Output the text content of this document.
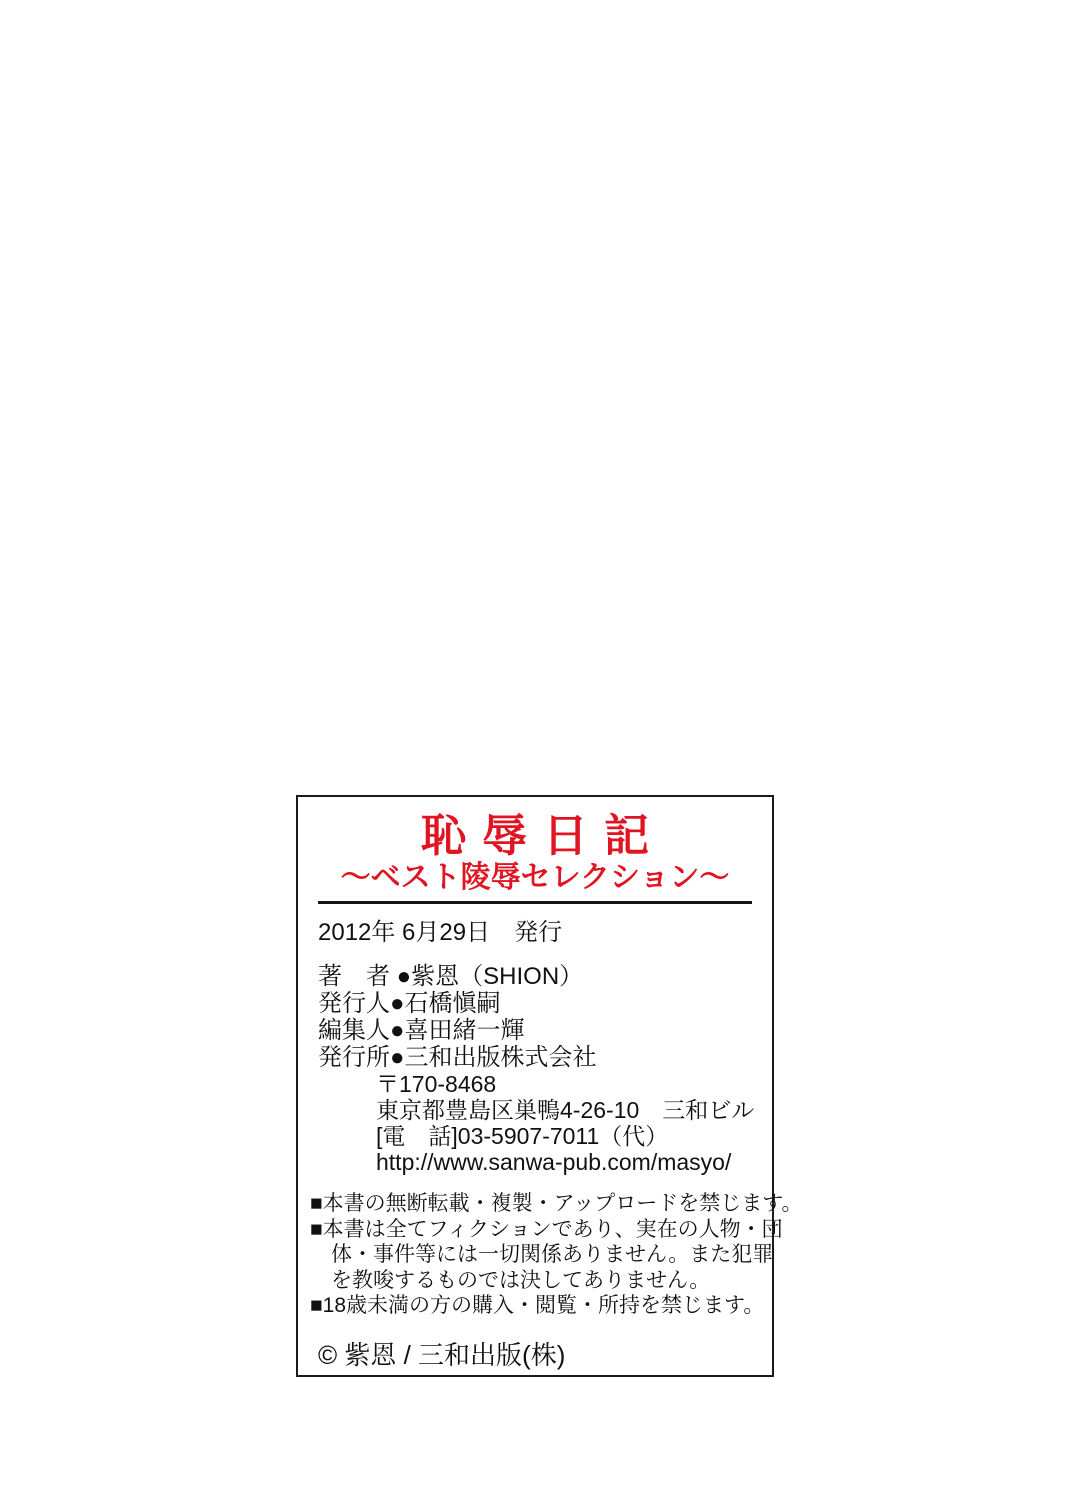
恥辱日記
～ベスト陵辱セレクション～
2012年 6月29日　発行
著　者 ●紫恩（SHION）
発行人●石橋愼嗣
編集人●喜田緒一輝
発行所●三和出版株式会社
〒170-8468
東京都豊島区巣鴨4-26-10　三和ビル
[電　話]03-5907-7011（代）
http://www.sanwa-pub.com/masyo/
■本書の無断転載・複製・アップロードを禁じます。
■本書は全てフィクションであり、実在の人物・団
　体・事件等には一切関係ありません。また犯罪
　を教唆するものでは決してありません。
■18歳未満の方の購入・閲覧・所持を禁じます。
© 紫恩 / 三和出版(株)
